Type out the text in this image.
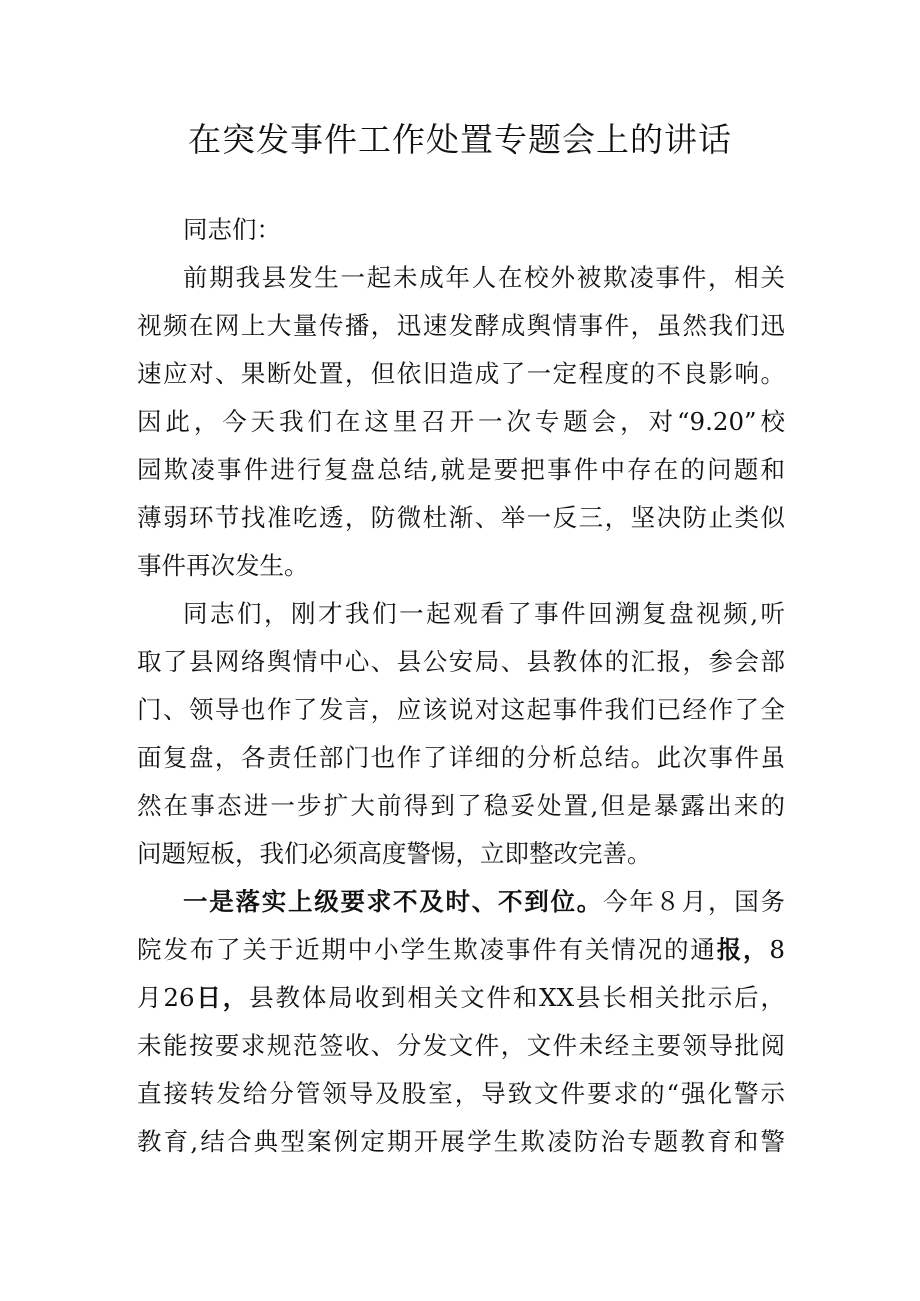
在突发事件工作处置专题会上的讲话
同志们：
前期我县发生一起未成年人在校外被欺凌事件，相关
视频在网上大量传播，迅速发酵成舆情事件，虽然我们迅
速应对、果断处置，但依旧造成了一定程度的不良影响。
因此，今天我们在这里召开一次专题会，对“9.20”校
园欺凌事件进行复盘总结,就是要把事件中存在的问题和
薄弱环节找准吃透，防微杜渐、举一反三，坚决防止类似
事件再次发生。
同志们，刚才我们一起观看了事件回溯复盘视频,听
取了县网络舆情中心、县公安局、县教体的汇报，参会部
门、领导也作了发言，应该说对这起事件我们已经作了全
面复盘，各责任部门也作了详细的分析总结。此次事件虽
然在事态进一步扩大前得到了稳妥处置,但是暴露出来的
问题短板，我们必须高度警惕，立即整改完善。
一是落实上级要求不及时、不到位。今年８月，国务
院发布了关于近期中小学生欺凌事件有关情况的通报，8
月26日，县教体局收到相关文件和XX县长相关批示后，
未能按要求规范签收、分发文件，文件未经主要领导批阅
直接转发给分管领导及股室，导致文件要求的“强化警示
教育,结合典型案例定期开展学生欺凌防治专题教育和警
